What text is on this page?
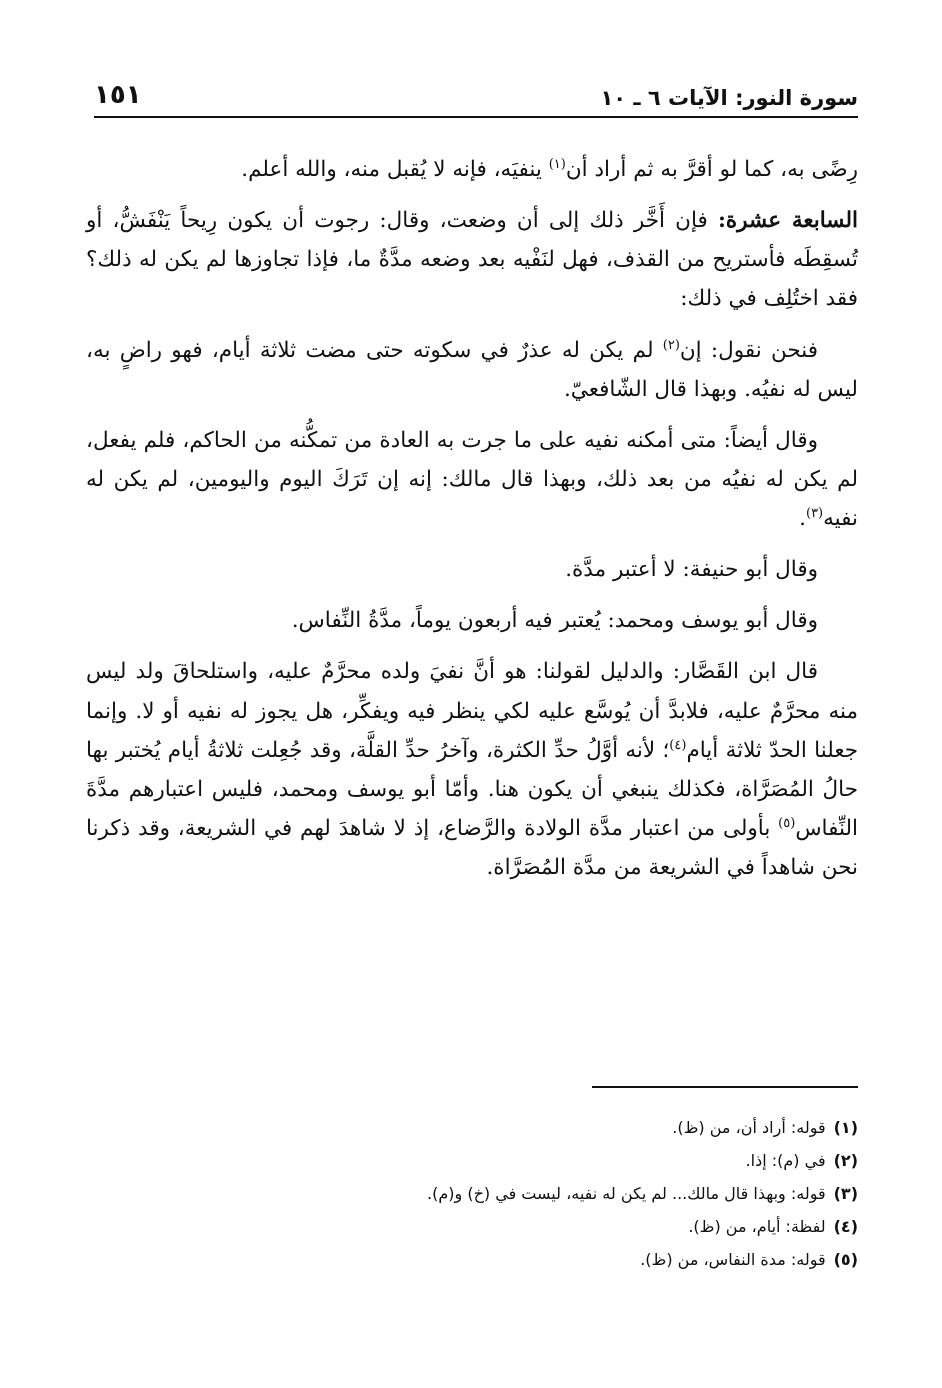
سورة النور: الآيات ٦ ـ ١٠
١٥١

رِضًى به، كما لو أقرَّ به ثم أراد أن$^{(١)}$ ينفيَه، فإنه لا يُقبل منه، والله أعلم.

السابعة عشرة: فإن أَخَّر ذلك إلى أن وضعت، وقال: رجوت أن يكون رِيحاً يَنْفَشُّ، أو تُسقِطَه فأستريح من القذف، فهل لنَفْيه بعد وضعه مدَّةٌ ما، فإذا تجاوزها لم يكن له ذلك؟ فقد اختُلِف في ذلك:

فنحن نقول: إن$^{(٢)}$ لم يكن له عذرٌ في سكوته حتى مضت ثلاثة أيام، فهو راضٍ به، ليس له نفيُه. وبهذا قال الشّافعيّ.

وقال أيضاً: متى أمكنه نفيه على ما جرت به العادة من تمكُّنه من الحاكم، فلم يفعل، لم يكن له نفيُه من بعد ذلك، وبهذا قال مالك: إنه إن تَرَكَ اليوم واليومين، لم يكن له نفيه$^{(٣)}$.

وقال أبو حنيفة: لا أعتبر مدَّة.

وقال أبو يوسف ومحمد: يُعتبر فيه أربعون يوماً، مدَّةُ النِّفاس.

قال ابن القَصَّار: والدليل لقولنا: هو أنَّ نفيَ ولده محرَّمٌ عليه، واستلحاقَ ولد ليس منه محرَّمٌ عليه، فلابدَّ أن يُوسَّع عليه لكي ينظر فيه ويفكِّر، هل يجوز له نفيه أو لا. وإنما جعلنا الحدّ ثلاثة أيام$^{(٤)}$؛ لأنه أوَّلُ حدِّ الكثرة، وآخرُ حدِّ القلَّة، وقد جُعِلت ثلاثةُ أيام يُختبر بها حالُ المُصَرَّاة، فكذلك ينبغي أن يكون هنا. وأمّا أبو يوسف ومحمد، فليس اعتبارهم مدَّةَ النِّفاس$^{(٥)}$ بأولى من اعتبار مدَّة الولادة والرَّضاع، إذ لا شاهدَ لهم في الشريعة، وقد ذكرنا نحن شاهداً في الشريعة من مدَّة المُصَرَّاة.

(١)قوله: أراد أن، من (ظ).

(٢)في (م): إذا.

(٣)قوله: وبهذا قال مالك... لم يكن له نفيه، ليست في (خ) و(م).

(٤)لفظة: أيام، من (ظ).

(٥)قوله: مدة النفاس، من (ظ).
